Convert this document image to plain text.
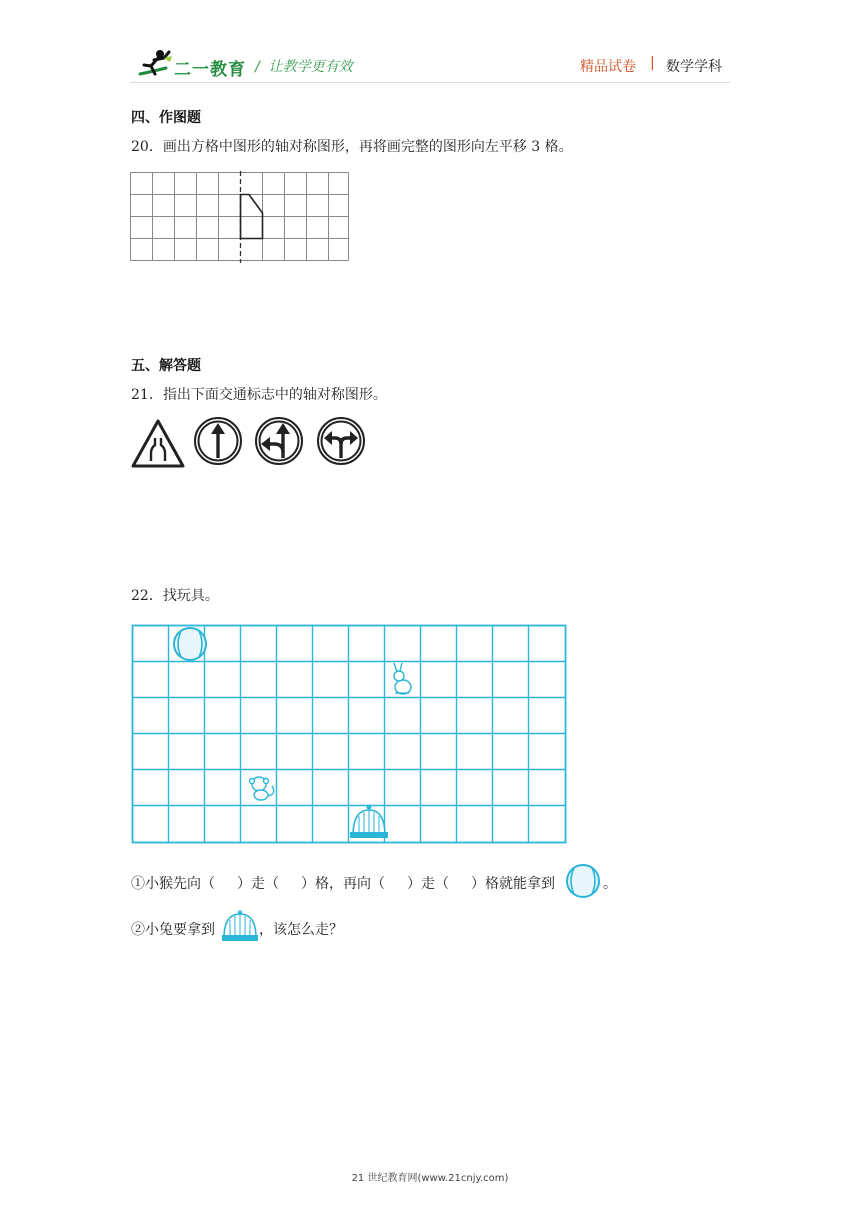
二一教育 /  让教学更有效	精品试卷 | 数学学科
四、作图题
20．画出方格中图形的轴对称图形，再将画完整的图形向左平移 3 格。
五、解答题
21．指出下面交通标志中的轴对称图形。
22．找玩具。
①小猴先向（ ）走（ ）格，再向（ ）走（ ）格就能拿到	。
②小兔要拿到	，该怎么走？
21 世纪教育网(www.21cnjy.com)
